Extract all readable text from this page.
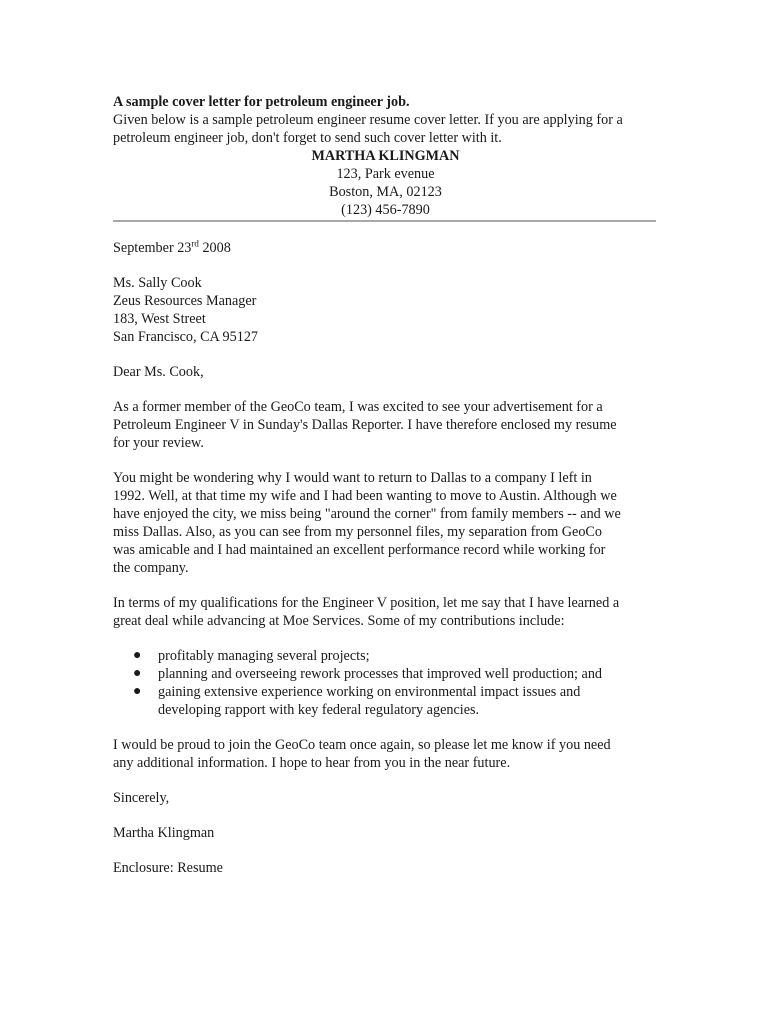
A sample cover letter for petroleum engineer job.

Given below is a sample petroleum engineer resume cover letter. If you are applying for a
petroleum engineer job, don't forget to send such cover letter with it.

MARTHA KLINGMAN
123, Park evenue
Boston, MA, 02123
(123) 456-7890

September 23rd 2008

Ms. Sally Cook
Zeus Resources Manager
183, West Street
San Francisco, CA 95127

Dear Ms. Cook,

As a former member of the GeoCo team, I was excited to see your advertisement for a
Petroleum Engineer V in Sunday's Dallas Reporter. I have therefore enclosed my resume
for your review.
You might be wondering why I would want to return to Dallas to a company I left in
1992. Well, at that time my wife and I had been wanting to move to Austin. Although we
have enjoyed the city, we miss being "around the corner" from family members -- and we
miss Dallas. Also, as you can see from my personnel files, my separation from GeoCo
was amicable and I had maintained an excellent performance record while working for
the company.
In terms of my qualifications for the Engineer V position, let me say that I have learned a
great deal while advancing at Moe Services. Some of my contributions include:
● profitably managing several projects;
● planning and overseeing rework processes that improved well production; and
● gaining extensive experience working on environmental impact issues and
developing rapport with key federal regulatory agencies.
I would be proud to join the GeoCo team once again, so please let me know if you need
any additional information. I hope to hear from you in the near future.

Sincerely,

Martha Klingman

Enclosure: Resume
